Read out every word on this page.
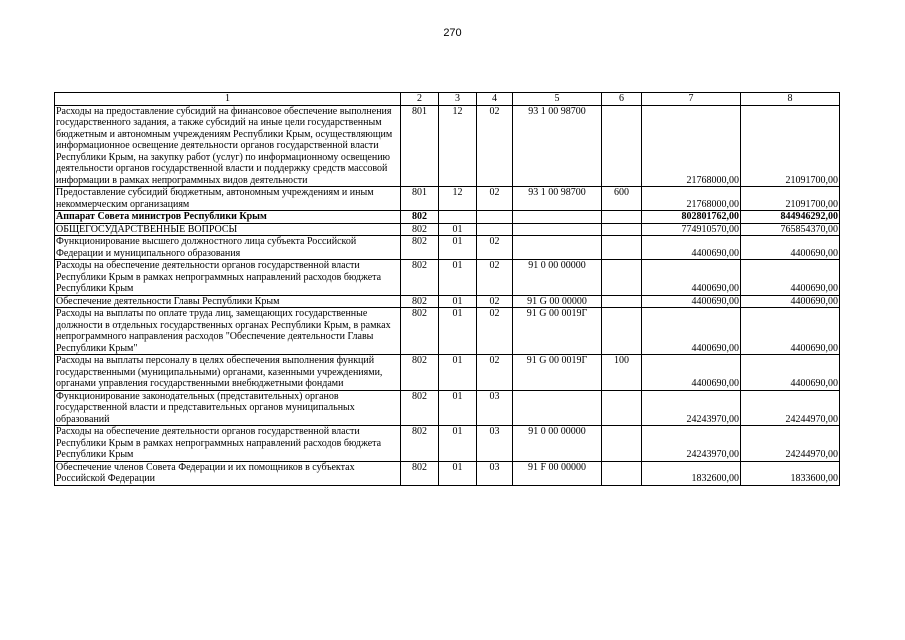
270
1	2	3	4	5	6	7	8
Расходы на предоставление субсидий на финансовое обеспечение выполнения государственного задания, а также субсидий на иные цели государственным бюджетным и автономным учреждениям Республики Крым, осуществляющим информационное освещение деятельности органов государственной власти Республики Крым, на закупку работ (услуг) по информационному освещению деятельности органов государственной власти и поддержку средств массовой информации в рамках непрограммных видов деятельности	801	12	02	93 1 00 98700		21768000,00	21091700,00
Предоставление субсидий бюджетным, автономным учреждениям и иным некоммерческим организациям	801	12	02	93 1 00 98700	600	21768000,00	21091700,00
Аппарат Совета министров Республики Крым	802					802801762,00	844946292,00
ОБЩЕГОСУДАРСТВЕННЫЕ ВОПРОСЫ	802	01				774910570,00	765854370,00
Функционирование высшего должностного лица субъекта Российской Федерации и муниципального образования	802	01	02			4400690,00	4400690,00
Расходы на обеспечение деятельности органов государственной власти Республики Крым в рамках непрограммных направлений расходов бюджета Республики Крым	802	01	02	91 0 00 00000		4400690,00	4400690,00
Обеспечение деятельности Главы Республики Крым	802	01	02	91 G 00 00000		4400690,00	4400690,00
Расходы на выплаты по оплате труда лиц, замещающих государственные должности в отдельных государственных органах Республики Крым, в рамках непрограммного направления расходов "Обеспечение деятельности Главы Республики Крым"	802	01	02	91 G 00 0019Г		4400690,00	4400690,00
Расходы на выплаты персоналу в целях обеспечения выполнения функций государственными (муниципальными) органами, казенными учреждениями, органами управления государственными внебюджетными фондами	802	01	02	91 G 00 0019Г	100	4400690,00	4400690,00
Функционирование законодательных (представительных) органов государственной власти и представительных органов муниципальных образований	802	01	03			24243970,00	24244970,00
Расходы на обеспечение деятельности органов государственной власти Республики Крым в рамках непрограммных направлений расходов бюджета Республики Крым	802	01	03	91 0 00 00000		24243970,00	24244970,00
Обеспечение членов Совета Федерации и их помощников в субъектах Российской Федерации	802	01	03	91 F 00 00000		1832600,00	1833600,00
